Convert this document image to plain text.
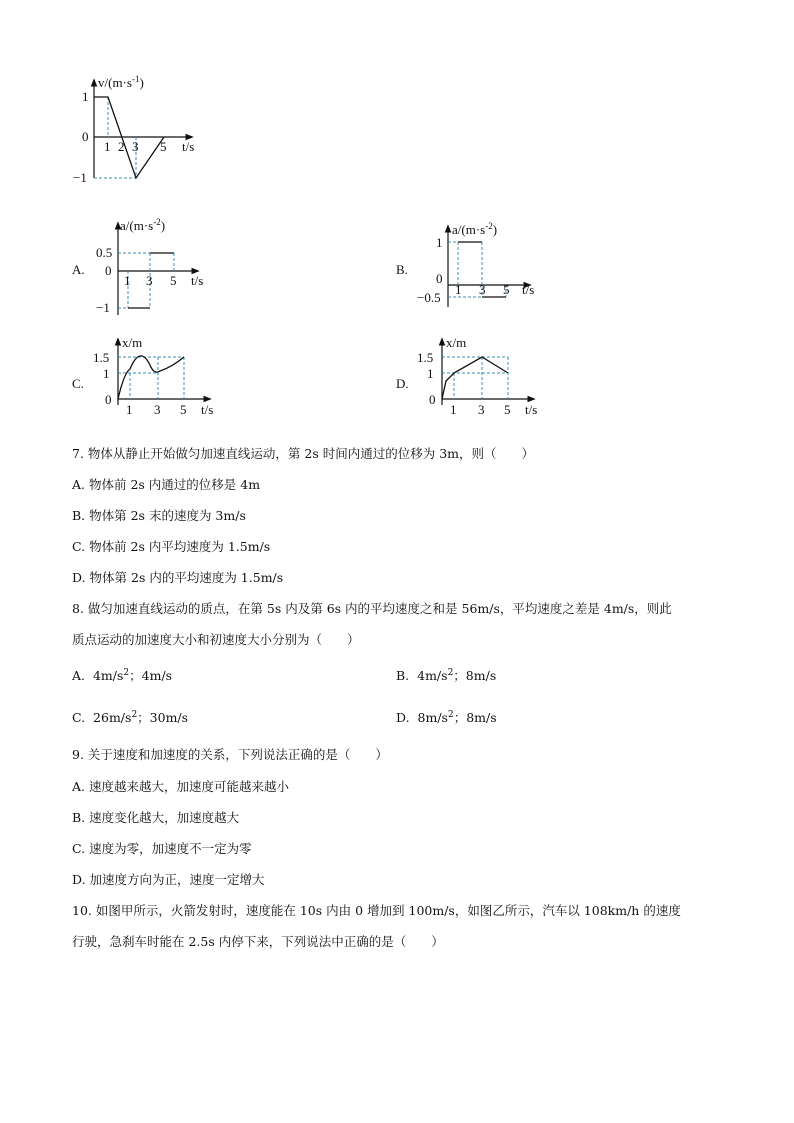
$v/(m\cdot s^{-1})$
1
0
−1
1 2 3 5 t/s
A.
$a/(m\cdot s^{-2})$
0.5
0
−1
1 3 5 t/s
B.
$a/(m\cdot s^{-2})$
1
0
−0.5
1 3 5 t/s
C.
x/m
1.5
1
0
1 3 5 t/s
D.
x/m
1.5
1
0
1 3 5 t/s
7. 物体从静止开始做匀加速直线运动，第 2s 时间内通过的位移为 3m，则（　　）
A. 物体前 2s 内通过的位移是 4m
B. 物体第 2s 末的速度为 3m/s
C. 物体前 2s 内平均速度为 1.5m/s
D. 物体第 2s 内的平均速度为 1.5m/s
8. 做匀加速直线运动的质点，在第 5s 内及第 6s 内的平均速度之和是 56m/s，平均速度之差是 4m/s，则此
质点运动的加速度大小和初速度大小分别为（　　）
A. $4m/s^2$；4m/s	B. $4m/s^2$；8m/s
C. $26m/s^2$；30m/s	D. $8m/s^2$；8m/s
9. 关于速度和加速度的关系，下列说法正确的是（　　）
A. 速度越来越大，加速度可能越来越小
B. 速度变化越大，加速度越大
C. 速度为零，加速度不一定为零
D. 加速度方向为正，速度一定增大
10. 如图甲所示，火箭发射时，速度能在 10s 内由 0 增加到 100m/s，如图乙所示，汽车以 108km/h 的速度
行驶，急刹车时能在 2.5s 内停下来，下列说法中正确的是（　　）
